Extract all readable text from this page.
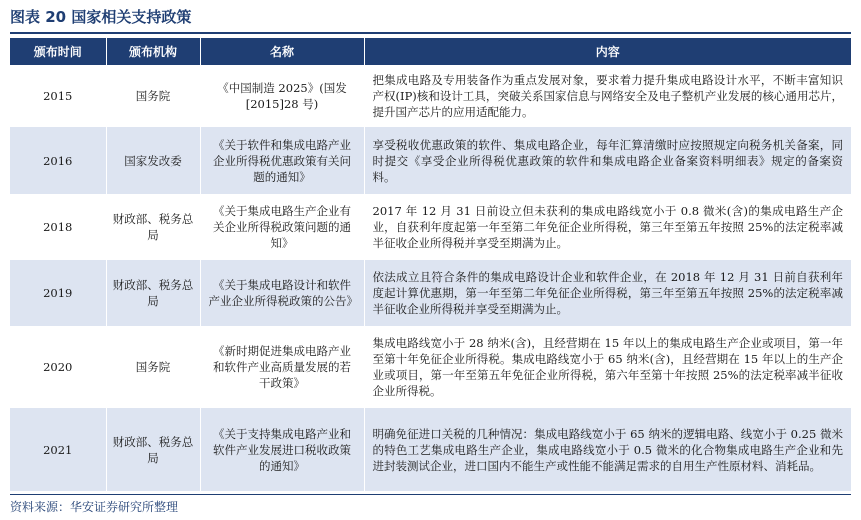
图表 20 国家相关支持政策
颁布时间	颁布机构	名称	内容
2015	国务院	《中国制造 2025》(国发[2015]28 号)	把集成电路及专用装备作为重点发展对象，要求着力提升集成电路设计水平，不断丰富知识产权(IP)核和设计工具，突破关系国家信息与网络安全及电子整机产业发展的核心通用芯片，提升国产芯片的应用适配能力。
2016	国家发改委	《关于软件和集成电路产业企业所得税优惠政策有关问题的通知》	享受税收优惠政策的软件、集成电路企业，每年汇算清缴时应按照规定向税务机关备案，同时提交《享受企业所得税优惠政策的软件和集成电路企业备案资料明细表》规定的备案资料。
2018	财政部、税务总局	《关于集成电路生产企业有关企业所得税政策问题的通知》	2017 年 12 月 31 日前设立但未获利的集成电路线宽小于 0.8 微米(含)的集成电路生产企业，自获利年度起第一年至第二年免征企业所得税，第三年至第五年按照 25%的法定税率减半征收企业所得税并享受至期满为止。
2019	财政部、税务总局	《关于集成电路设计和软件产业企业所得税政策的公告》	依法成立且符合条件的集成电路设计企业和软件企业，在 2018 年 12 月 31 日前自获利年度起计算优惠期，第一年至第二年免征企业所得税，第三年至第五年按照 25%的法定税率减半征收企业所得税并享受至期满为止。
2020	国务院	《新时期促进集成电路产业和软件产业高质量发展的若干政策》	集成电路线宽小于 28 纳米(含)，且经营期在 15 年以上的集成电路生产企业或项目，第一年至第十年免征企业所得税。集成电路线宽小于 65 纳米(含)，且经营期在 15 年以上的生产企业或项目，第一年至第五年免征企业所得税，第六年至第十年按照 25%的法定税率减半征收企业所得税。
2021	财政部、税务总局	《关于支持集成电路产业和软件产业发展进口税收政策的通知》	明确免征进口关税的几种情况：集成电路线宽小于 65 纳米的逻辑电路、线宽小于 0.25 微米的特色工艺集成电路生产企业，集成电路线宽小于 0.5 微米的化合物集成电路生产企业和先进封装测试企业，进口国内不能生产或性能不能满足需求的自用生产性原材料、消耗品。
资料来源：华安证券研究所整理
